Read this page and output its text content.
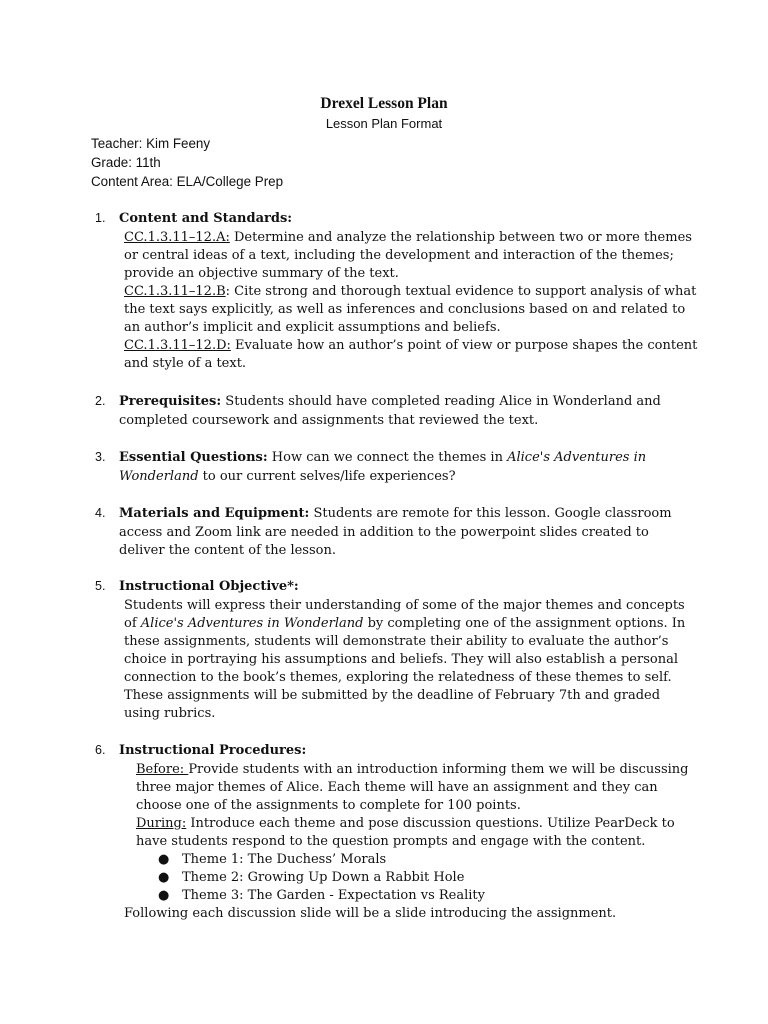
Drexel Lesson Plan
Lesson Plan Format
Teacher: Kim Feeny
Grade: 11th
Content Area: ELA/College Prep
1. Content and Standards:
CC.1.3.11–12.A: Determine and analyze the relationship between two or more themes
or central ideas of a text, including the development and interaction of the themes;
provide an objective summary of the text.
CC.1.3.11–12.B: Cite strong and thorough textual evidence to support analysis of what
the text says explicitly, as well as inferences and conclusions based on and related to
an author’s implicit and explicit assumptions and beliefs.
CC.1.3.11–12.D: Evaluate how an author’s point of view or purpose shapes the content
and style of a text.
2. Prerequisites: Students should have completed reading Alice in Wonderland and
completed coursework and assignments that reviewed the text.
3. Essential Questions: How can we connect the themes in Alice's Adventures in
Wonderland to our current selves/life experiences?
4. Materials and Equipment: Students are remote for this lesson. Google classroom
access and Zoom link are needed in addition to the powerpoint slides created to
deliver the content of the lesson.
5. Instructional Objective*:
Students will express their understanding of some of the major themes and concepts
of Alice's Adventures in Wonderland by completing one of the assignment options. In
these assignments, students will demonstrate their ability to evaluate the author’s
choice in portraying his assumptions and beliefs. They will also establish a personal
connection to the book’s themes, exploring the relatedness of these themes to self.
These assignments will be submitted by the deadline of February 7th and graded
using rubrics.
6. Instructional Procedures:
Before: Provide students with an introduction informing them we will be discussing
three major themes of Alice. Each theme will have an assignment and they can
choose one of the assignments to complete for 100 points.
During: Introduce each theme and pose discussion questions. Utilize PearDeck to
have students respond to the question prompts and engage with the content.
● Theme 1: The Duchess’ Morals
● Theme 2: Growing Up Down a Rabbit Hole
● Theme 3: The Garden - Expectation vs Reality
Following each discussion slide will be a slide introducing the assignment.
